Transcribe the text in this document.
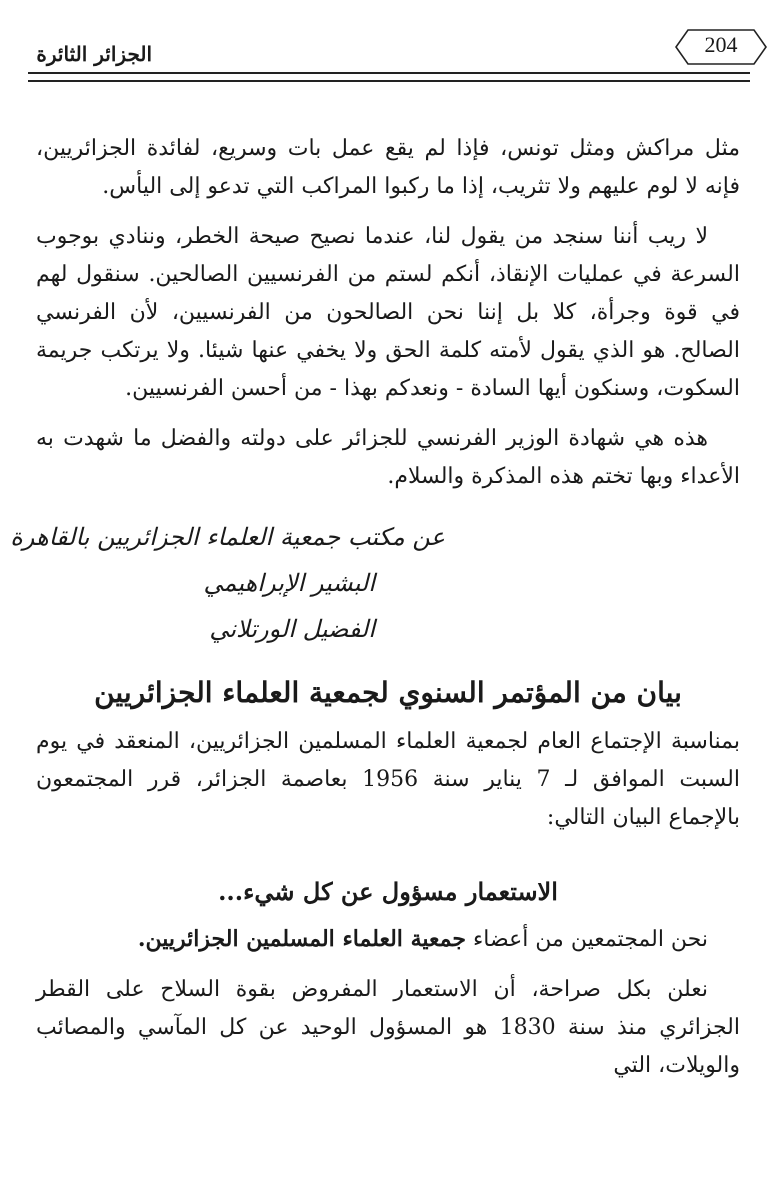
204
الجزائر الثائرة

مثل مراكش ومثل تونس، فإذا لم يقع عمل بات وسريع، لفائدة الجزائريين، فإنه لا لوم عليهم ولا تثريب، إذا ما ركبوا المراكب التي تدعو إلى اليأس.

لا ريب أننا سنجد من يقول لنا، عندما نصيح صيحة الخطر، وننادي بوجوب السرعة في عمليات الإنقاذ، أنكم لستم من الفرنسيين الصالحين. سنقول لهم في قوة وجرأة، كلا بل إننا نحن الصالحون من الفرنسيين، لأن الفرنسي الصالح. هو الذي يقول لأمته كلمة الحق ولا يخفي عنها شيئا. ولا يرتكب جريمة السكوت، وسنكون أيها السادة - ونعدكم بهذا - من أحسن الفرنسيين.

هذه هي شهادة الوزير الفرنسي للجزائر على دولته والفضل ما شهدت به الأعداء وبها تختم هذه المذكرة والسلام.

عن مكتب جمعية العلماء الجزائريين بالقاهرة
البشير الإبراهيمي
الفضيل الورتلاني
بيان من المؤتمر السنوي لجمعية العلماء الجزائريين

بمناسبة الإجتماع العام لجمعية العلماء المسلمين الجزائريين، المنعقد في يوم السبت الموافق لـ 7 يناير سنة 1956 بعاصمة الجزائر، قرر المجتمعون بالإجماع البيان التالي:

الاستعمار مسؤول عن كل شيء...

نحن المجتمعين من أعضاء جمعية العلماء المسلمين الجزائريين.

نعلن بكل صراحة، أن الاستعمار المفروض بقوة السلاح على القطر الجزائري منذ سنة 1830 هو المسؤول الوحيد عن كل المآسي والمصائب والويلات، التي
